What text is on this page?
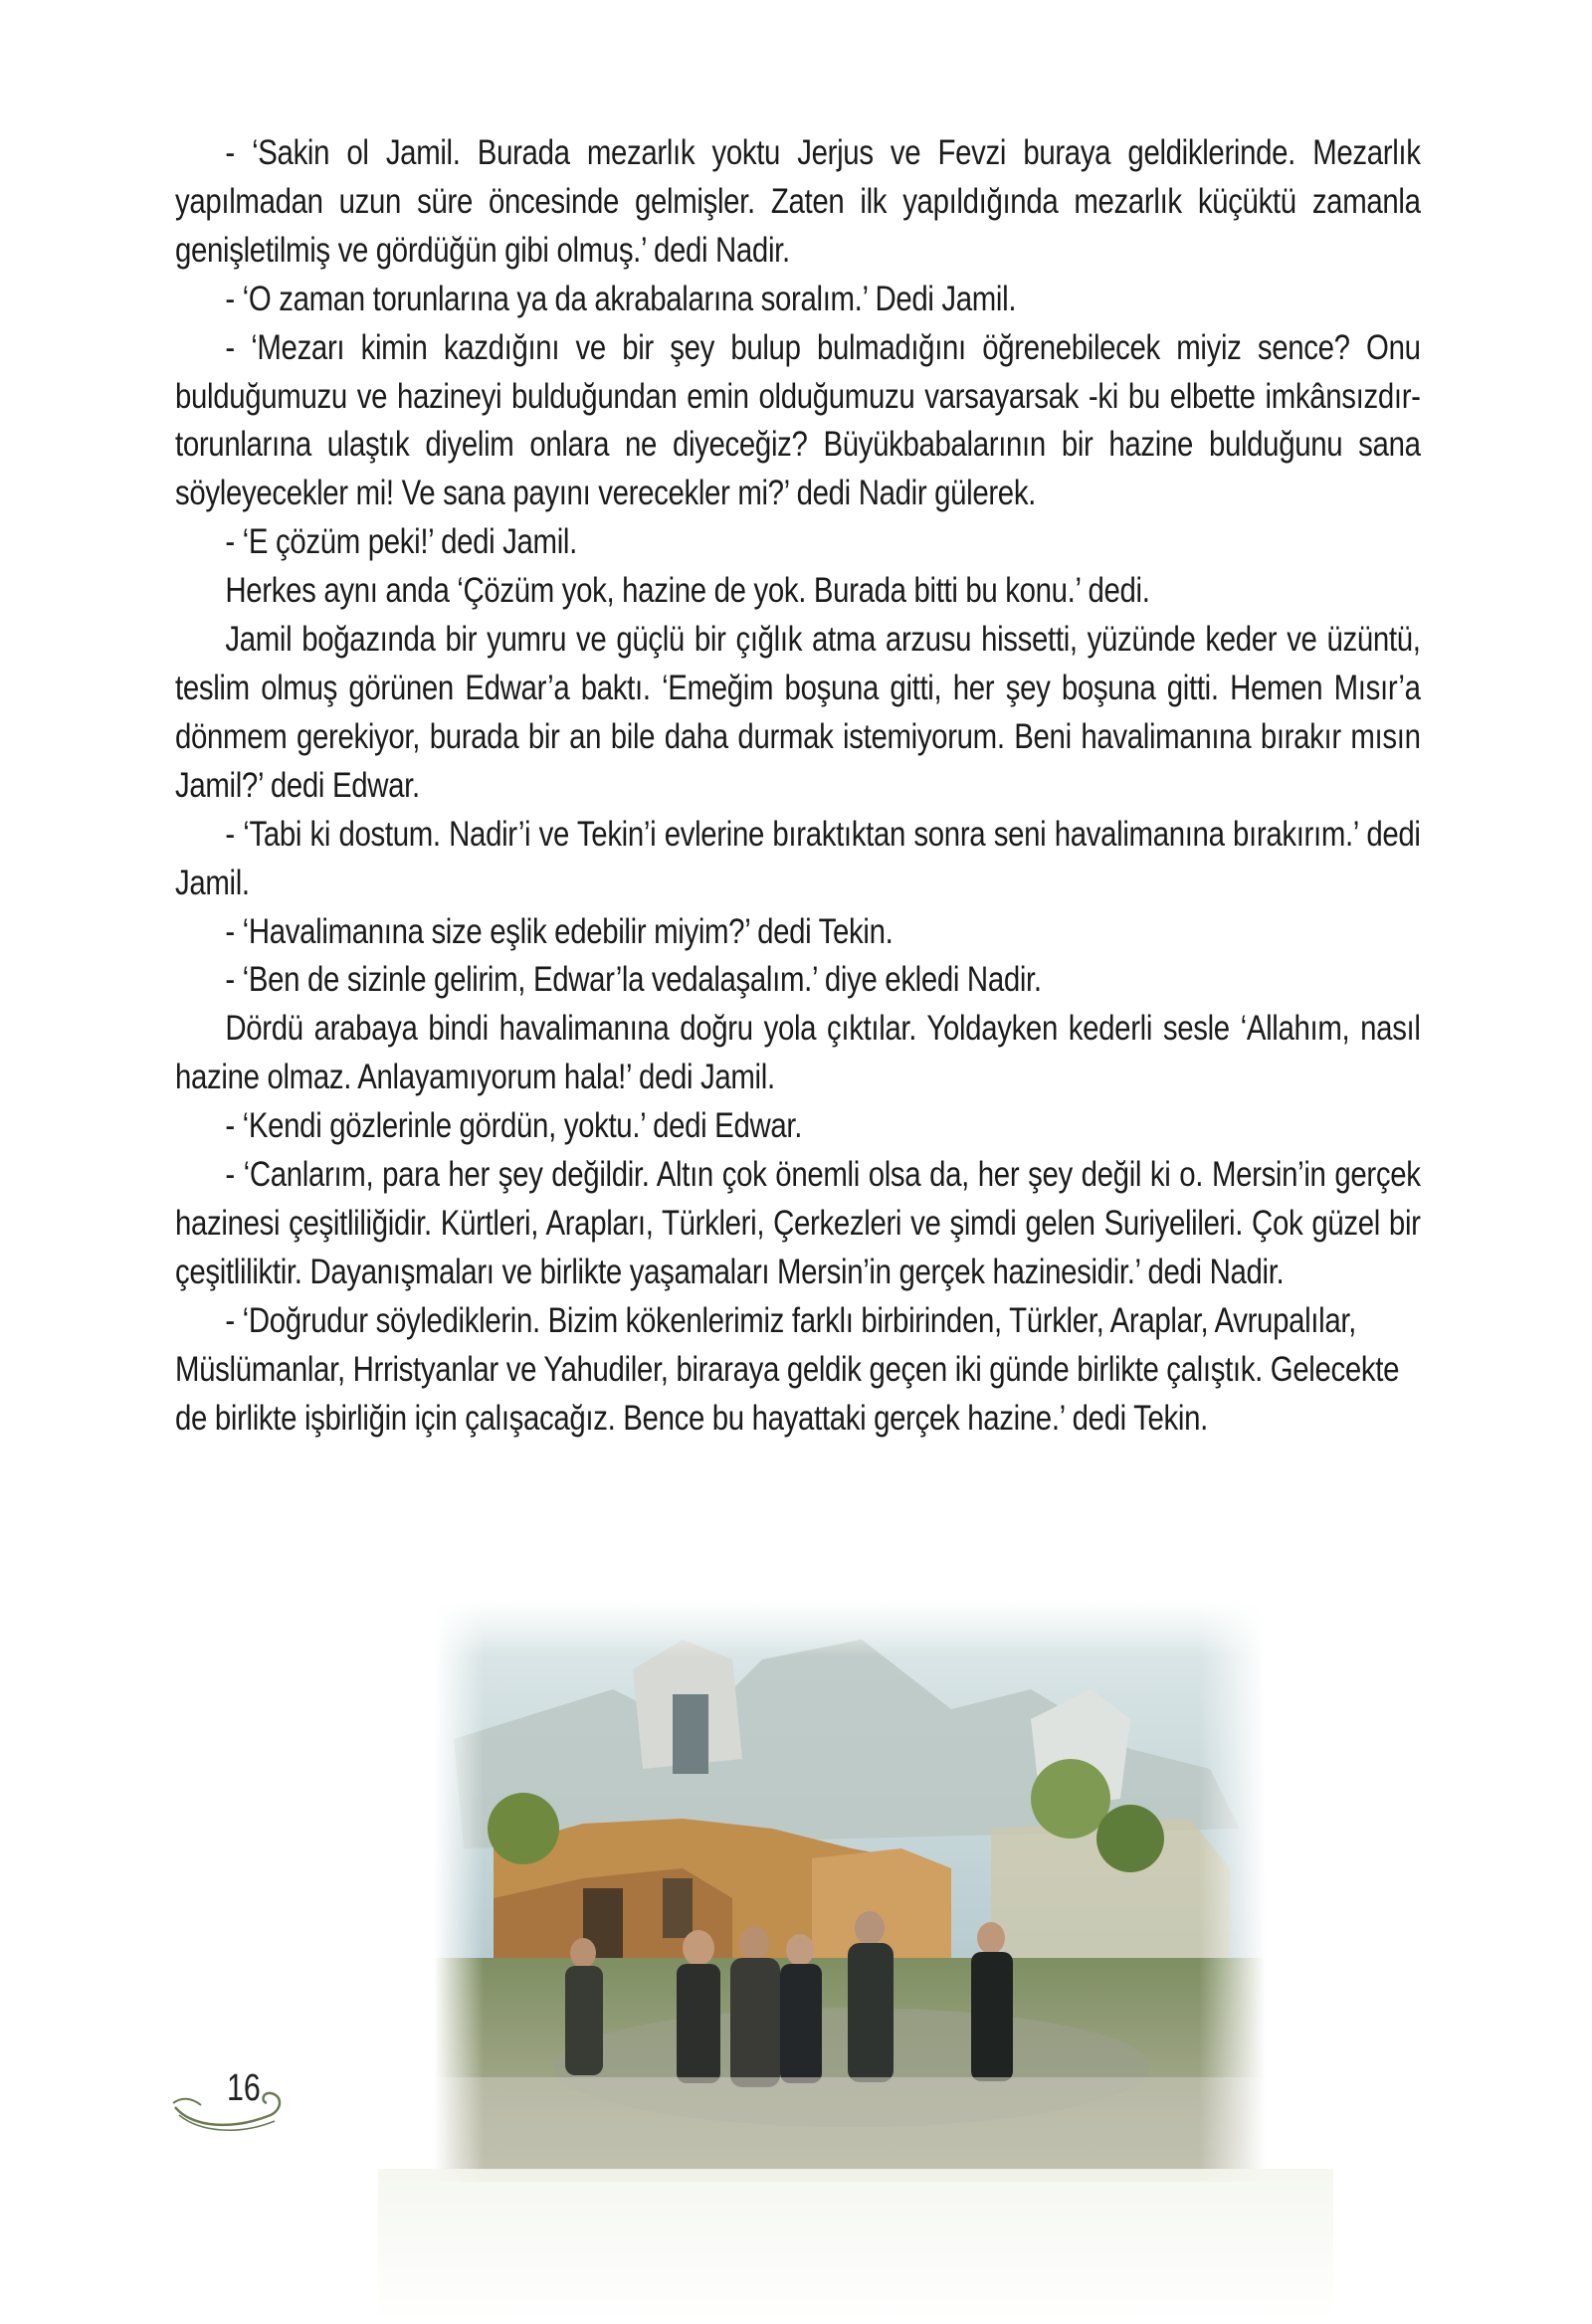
- ‘Sakin ol Jamil. Burada mezarlık yoktu Jerjus ve Fevzi buraya geldiklerinde. Mezarlık yapılmadan uzun süre öncesinde gelmişler. Zaten ilk yapıldığında mezarlık küçüktü zamanla genişletilmiş ve gördüğün gibi olmuş.’ dedi Nadir.

- ‘O zaman torunlarına ya da akrabalarına soralım.’ Dedi Jamil.

- ‘Mezarı kimin kazdığını ve bir şey bulup bulmadığını öğrenebilecek miyiz sence? Onu bulduğumuzu ve hazineyi bulduğundan emin olduğumuzu varsayarsak -ki bu elbette imkânsızdır- torunlarına ulaştık diyelim onlara ne diyeceğiz? Büyükbabalarının bir hazine bulduğunu sana söyleyecekler mi! Ve sana payını verecekler mi?’ dedi Nadir gülerek.

- ‘E çözüm peki!’ dedi Jamil.

Herkes aynı anda ‘Çözüm yok, hazine de yok. Burada bitti bu konu.’ dedi.

Jamil boğazında bir yumru ve güçlü bir çığlık atma arzusu hissetti, yüzünde keder ve üzüntü, teslim olmuş görünen Edwar’a baktı. ‘Emeğim boşuna gitti, her şey boşuna gitti. Hemen Mısır’a dönmem gerekiyor, burada bir an bile daha durmak istemiyorum. Beni havalimanına bırakır mısın Jamil?’ dedi Edwar.

- ‘Tabi ki dostum. Nadir’i ve Tekin’i evlerine bıraktıktan sonra seni havalimanına bırakırım.’ dedi Jamil.

- ‘Havalimanına size eşlik edebilir miyim?’ dedi Tekin.

- ‘Ben de sizinle gelirim, Edwar’la vedalaşalım.’ diye ekledi Nadir.

Dördü arabaya bindi havalimanına doğru yola çıktılar. Yoldayken kederli sesle ‘Allahım, nasıl hazine olmaz. Anlayamıyorum hala!’ dedi Jamil.

- ‘Kendi gözlerinle gördün, yoktu.’ dedi Edwar.

- ‘Canlarım, para her şey değildir. Altın çok önemli olsa da, her şey değil ki o. Mersin’in gerçek hazinesi çeşitliliğidir. Kürtleri, Arapları, Türkleri, Çerkezleri ve şimdi gelen Suriyelileri. Çok güzel bir çeşitliliktir. Dayanışmaları ve birlikte yaşamaları Mersin’in gerçek hazinesidir.’ dedi Nadir.

- ‘Doğrudur söylediklerin. Bizim kökenlerimiz farklı birbirinden, Türkler, Araplar, Avrupalılar, Müslümanlar, Hrristyanlar ve Yahudiler, biraraya geldik geçen iki günde birlikte çalıştık. Gelecekte de birlikte işbirliğin için çalışacağız. Bence bu hayattaki gerçek hazine.’ dedi Tekin.

16
